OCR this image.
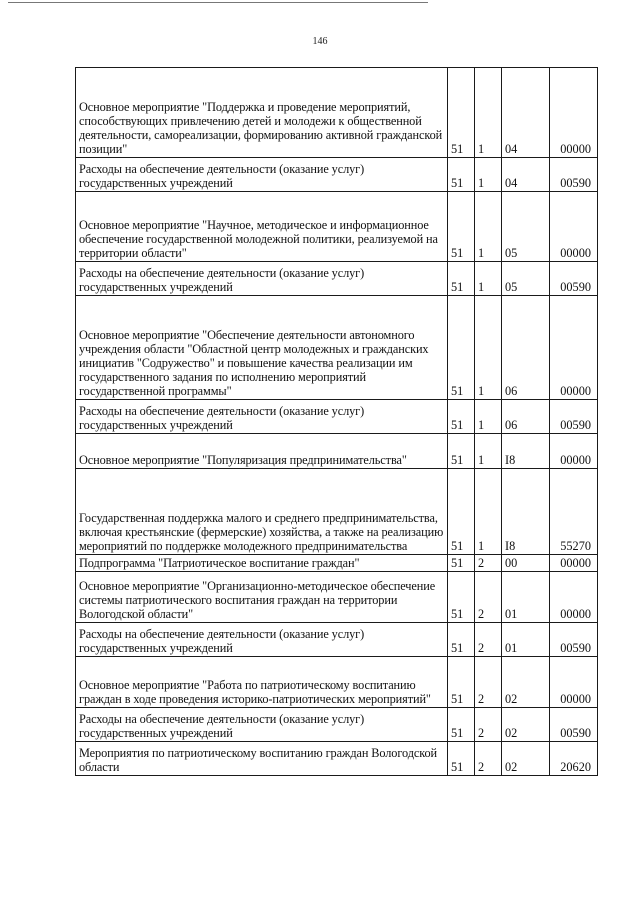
146
Основное мероприятие "Поддержка и проведение мероприятий, способствующих привлечению детей и молодежи к общественной деятельности, самореализации, формированию активной гражданской позиции"	51	1	04	00000
Расходы на обеспечение деятельности (оказание услуг) государственных учреждений	51	1	04	00590
Основное мероприятие "Научное, методическое и информационное обеспечение государственной молодежной политики, реализуемой на территории области"	51	1	05	00000
Расходы на обеспечение деятельности (оказание услуг) государственных учреждений	51	1	05	00590
Основное мероприятие "Обеспечение деятельности автономного учреждения области "Областной центр молодежных и гражданских инициатив "Содружество" и повышение качества реализации им государственного задания по исполнению мероприятий государственной программы"	51	1	06	00000
Расходы на обеспечение деятельности (оказание услуг) государственных учреждений	51	1	06	00590
Основное мероприятие "Популяризация предпринимательства"	51	1	I8	00000
Государственная поддержка малого и среднего предпринимательства, включая крестьянские (фермерские) хозяйства, а также на реализацию мероприятий по поддержке молодежного предпринимательства	51	1	I8	55270
Подпрограмма "Патриотическое воспитание граждан"	51	2	00	00000
Основное мероприятие "Организационно-методическое обеспечение системы патриотического воспитания граждан на территории Вологодской области"	51	2	01	00000
Расходы на обеспечение деятельности (оказание услуг) государственных учреждений	51	2	01	00590
Основное мероприятие "Работа по патриотическому воспитанию граждан в ходе проведения историко-патриотических мероприятий"	51	2	02	00000
Расходы на обеспечение деятельности (оказание услуг) государственных учреждений	51	2	02	00590
Мероприятия по патриотическому воспитанию граждан Вологодской области	51	2	02	20620
